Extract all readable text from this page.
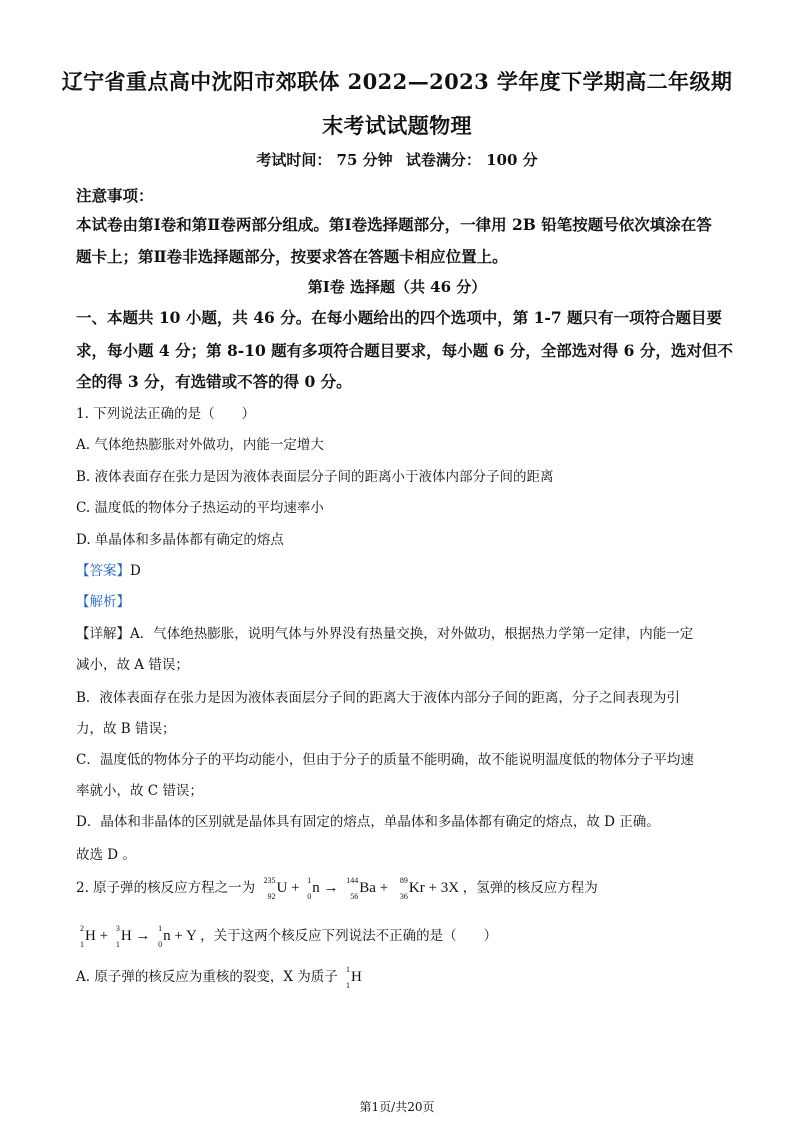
辽宁省重点高中沈阳市郊联体 2022—2023 学年度下学期高二年级期
末考试试题物理
考试时间： 75 分钟 试卷满分： 100 分
注意事项：
本试卷由第Ⅰ卷和第Ⅱ卷两部分组成。第Ⅰ卷选择题部分，一律用 2B 铅笔按题号依次填涂在答
题卡上；第Ⅱ卷非选择题部分，按要求答在答题卡相应位置上。
第Ⅰ卷 选择题（共 46 分）
一、本题共 10 小题，共 46 分。在每小题给出的四个选项中，第 1-7 题只有一项符合题目要
求，每小题 4 分；第 8-10 题有多项符合题目要求，每小题 6 分，全部选对得 6 分，选对但不
全的得 3 分，有选错或不答的得 0 分。
1. 下列说法正确的是（　　）
A. 气体绝热膨胀对外做功，内能一定增大
B. 液体表面存在张力是因为液体表面层分子间的距离小于液体内部分子间的距离
C. 温度低的物体分子热运动的平均速率小
D. 单晶体和多晶体都有确定的熔点
【答案】D
【解析】
【详解】A．气体绝热膨胀，说明气体与外界没有热量交换，对外做功，根据热力学第一定律，内能一定
减小，故 A 错误；
B．液体表面存在张力是因为液体表面层分子间的距离大于液体内部分子间的距离，分子之间表现为引
力，故 B 错误；
C．温度低的物体分子的平均动能小，但由于分子的质量不能明确，故不能说明温度低的物体分子平均速
率就小，故 C 错误；
D．晶体和非晶体的区别就是晶体具有固定的熔点，单晶体和多晶体都有确定的熔点，故 D 正确。
故选 D 。
2. 原子弹的核反应方程之一为 235
92
U + 1
0
n → 144
56
Ba + 89
36
Kr + 3X ，氢弹的核反应方程为
2
1
H + 3
1
H → 1
0
n + Y ，关于这两个核反应下列说法不正确的是（　　）
A. 原子弹的核反应为重核的裂变，X 为质子 1
1
H
第1页/共20页
